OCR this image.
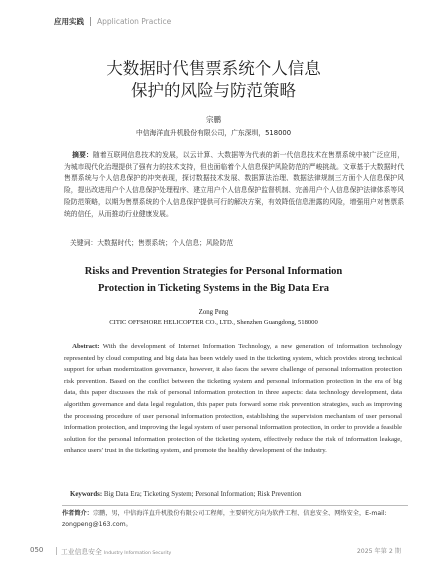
应用实践 Application Practice
大数据时代售票系统个人信息
保护的风险与防范策略
宗鹏
中信海洋直升机股份有限公司，广东深圳，518000

摘要：随着互联网信息技术的发展，以云计算、大数据等为代表的新一代信息技术在售票系统中被广泛应用，为城市现代化治理提供了强有力的技术支持，但也面临着个人信息保护风险防范的严峻挑战。文章基于大数据时代售票系统与个人信息保护的冲突表现，探讨数据技术发展、数据算法治理、数据法律规制三方面个人信息保护风险，提出改进用户个人信息保护处理程序、建立用户个人信息保护监督机制、完善用户个人信息保护法律体系等风险防范策略，以期为售票系统的个人信息保护提供可行的解决方案，有效降低信息泄露的风险，增强用户对售票系统的信任，从而推动行业健康发展。

关键词：大数据时代；售票系统；个人信息；风险防范
Risks and Prevention Strategies for Personal Information
Protection in Ticketing Systems in the Big Data Era
Zong Peng
CITIC OFFSHORE HELICOPTER CO., LTD., Shenzhen Guangdong, 518000

Abstract: With the development of Internet Information Technology, a new generation of information technology represented by cloud computing and big data has been widely used in the ticketing system, which provides strong technical support for urban modernization governance, however, it also faces the severe challenge of personal information protection risk prevention. Based on the conflict between the ticketing system and personal information protection in the era of big data, this paper discusses the risk of personal information protection in three aspects: data technology development, data algorithm governance and data legal regulation, this paper puts forward some risk prevention strategies, such as improving the processing procedure of user personal information protection, establishing the supervision mechanism of user personal information protection, and improving the legal system of user personal information protection, in order to provide a feasible solution for the personal information protection of the ticketing system, effectively reduce the risk of information leakage, enhance users' trust in the ticketing system, and promote the healthy development of the industry.

Keywords: Big Data Era; Ticketing System; Personal Information; Risk Prevention

作者简介：宗鹏，男，中信海洋直升机股份有限公司工程师，主要研究方向为软件工程、信息安全、网络安全，E-mail: zongpeng@163.com。

050	工业信息安全 Industry Information Security	2025 年第 2 期
